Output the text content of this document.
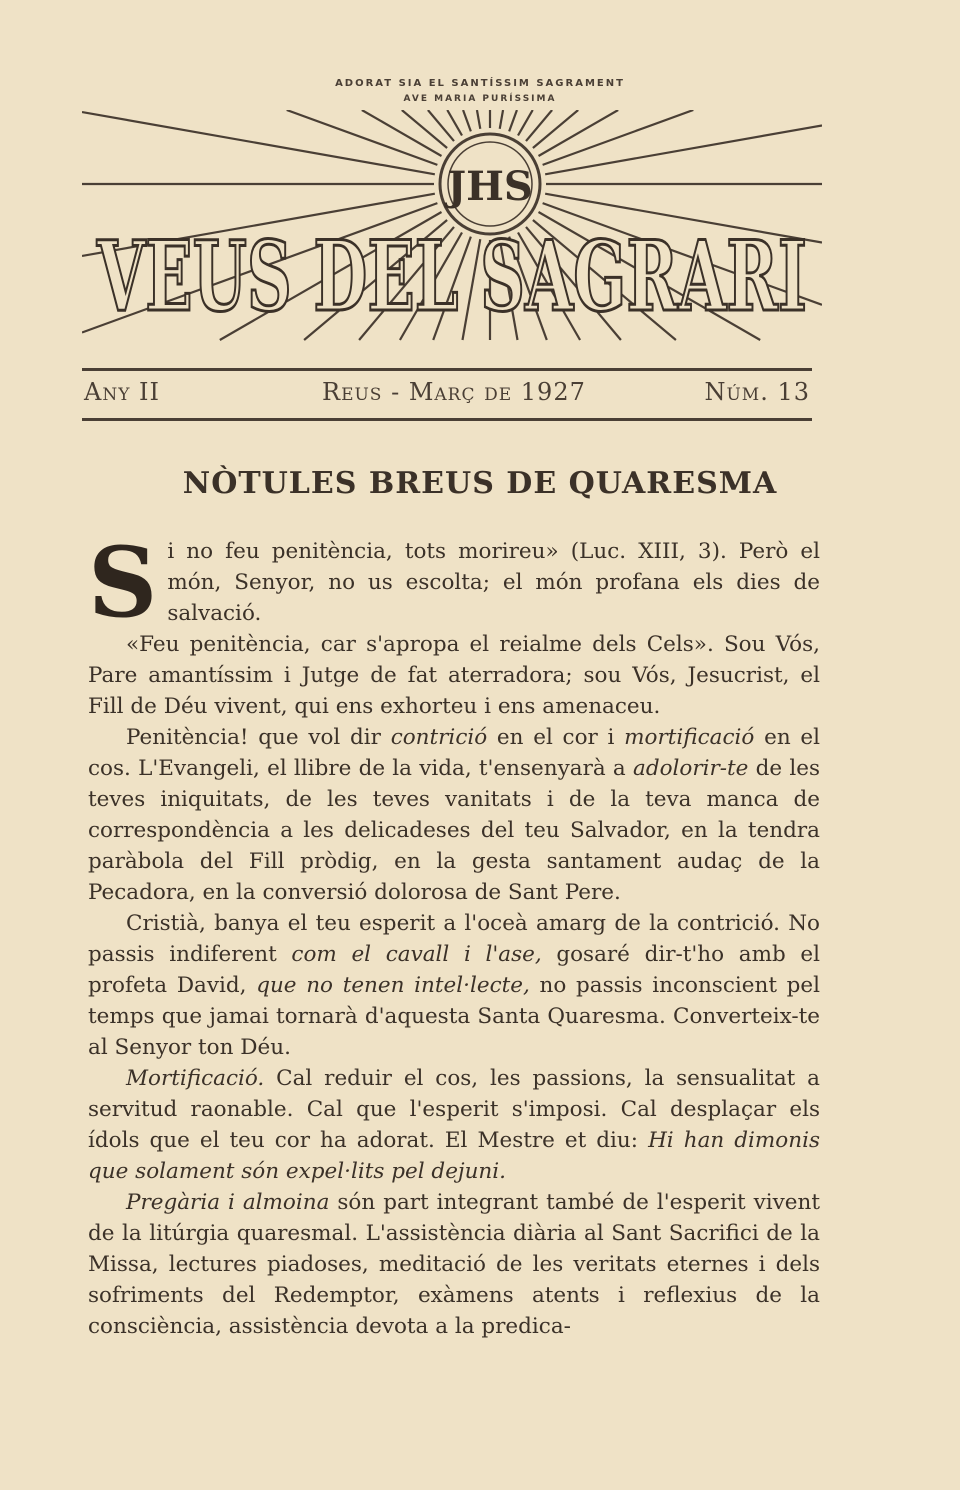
ADORAT SIA EL SANTÍSSIM SAGRAMENT
AVE MARIA PURÍSSIMA
JHS
VEUS DEL SAGRARI
Any II	Reus - Març de 1927	Núm. 13
NÒTULES BREUS DE QUARESMA

Si no feu penitència, tots morireu» (Luc. XIII, 3). Però el món, Senyor, no us escolta; el món profana els dies de salvació.

«Feu penitència, car s'apropa el reialme dels Cels». Sou Vós, Pare amantíssim i Jutge de fat aterradora; sou Vós, Jesucrist, el Fill de Déu vivent, qui ens exhorteu i ens amenaceu.

Penitència! que vol dir contrició en el cor i mortificació en el cos. L'Evangeli, el llibre de la vida, t'ensenyarà a adolorir-te de les teves iniquitats, de les teves vanitats i de la teva manca de correspondència a les delicadeses del teu Salvador, en la tendra paràbola del Fill pròdig, en la gesta santament audaç de la Pecadora, en la conversió dolorosa de Sant Pere.

Cristià, banya el teu esperit a l'oceà amarg de la contrició. No passis indiferent com el cavall i l'ase, gosaré dir-t'ho amb el profeta David, que no tenen intel·lecte, no passis inconscient pel temps que jamai tornarà d'aquesta Santa Quaresma. Converteix-te al Senyor ton Déu.

Mortificació. Cal reduir el cos, les passions, la sensualitat a servitud raonable. Cal que l'esperit s'imposi. Cal desplaçar els ídols que el teu cor ha adorat. El Mestre et diu: Hi han dimonis que solament són expel·lits pel dejuni.

Pregària i almoina són part integrant també de l'esperit vivent de la litúrgia quaresmal. L'assistència diària al Sant Sacrifici de la Missa, lectures piadoses, meditació de les veritats eternes i dels sofriments del Redemptor, exàmens atents i reflexius de la consciència, assistència devota a la predica-
